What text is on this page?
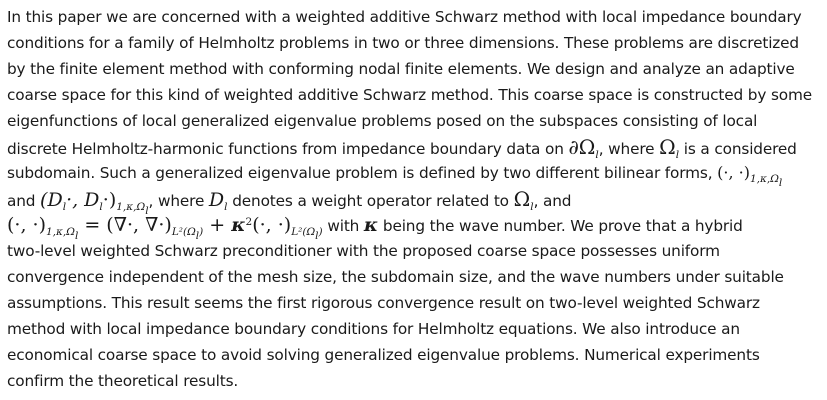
In this paper we are concerned with a weighted additive Schwarz method with local impedance boundary
conditions for a family of Helmholtz problems in two or three dimensions. These problems are discretized
by the finite element method with conforming nodal finite elements. We design and analyze an adaptive
coarse space for this kind of weighted additive Schwarz method. This coarse space is constructed by some
eigenfunctions of local generalized eigenvalue problems posed on the subspaces consisting of local
discrete Helmholtz-harmonic functions from impedance boundary data on $\partial\Omega_l$, where $\Omega_l$ is a considered
subdomain. Such a generalized eigenvalue problem is defined by two different bilinear forms, (·, $\cdot)_{1,\kappa,\Omega_l}$
and ($D_l\cdot$, $D_l\cdot)_{1,\kappa,\Omega_l}$, where $D_l$ denotes a weight operator related to $\Omega_l$, and
(·, $\cdot)_{1,\kappa,\Omega_l}$ = (∇·, $\nabla\cdot)_{L^2(\Omega_l)} + \kappa^2(\cdot$, $\cdot)_{L^2(\Omega_l)}$ with κ being the wave number. We prove that a hybrid
two-level weighted Schwarz preconditioner with the proposed coarse space possesses uniform
convergence independent of the mesh size, the subdomain size, and the wave numbers under suitable
assumptions. This result seems the first rigorous convergence result on two-level weighted Schwarz
method with local impedance boundary conditions for Helmholtz equations. We also introduce an
economical coarse space to avoid solving generalized eigenvalue problems. Numerical experiments
confirm the theoretical results.
